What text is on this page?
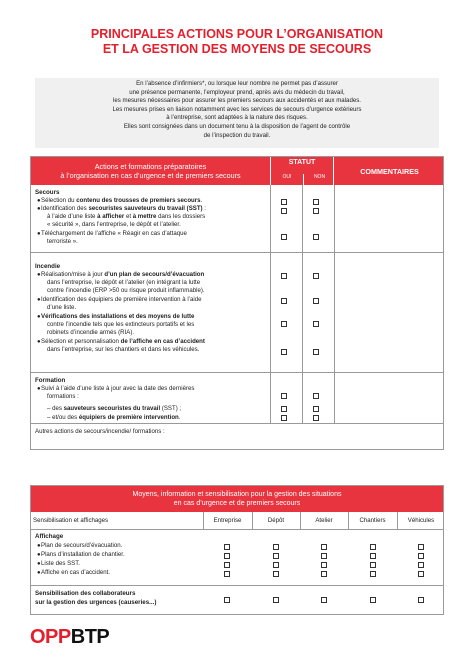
PRINCIPALES ACTIONS POUR L’ORGANISATION
ET LA GESTION DES MOYENS DE SECOURS
En l’absence d’infirmiers*, ou lorsque leur nombre ne permet pas d’assurer
une présence permanente, l’employeur prend, après avis du médecin du travail,
les mesures nécessaires pour assurer les premiers secours aux accidentés et aux malades.
Les mesures prises en liaison notamment avec les services de secours d’urgence extérieurs
à l’entreprise, sont adaptées à la nature des risques.
Elles sont consignées dans un document tenu à la disposition de l’agent de contrôle
de l’inspection du travail.
Actions et formations préparatoires
à l’organisation en cas d’urgence et de premiers secours
STATUT
OUI	NON
COMMENTAIRES
Secours
● Sélection du contenu des trousses de premiers secours.
● Identification des secouristes sauveteurs du travail (SST) :
à l’aide d’une liste à afficher et à mettre dans les dossiers
« sécurité », dans l’entreprise, le dépôt et l’atelier.
● Téléchargement de l’affiche « Réagir en cas d’attaque
terroriste ».
Incendie
● Réalisation/mise à jour d’un plan de secours/d’évacuation
dans l’entreprise, le dépôt et l’atelier (en intégrant la lutte
contre l’incendie (ERP >50 ou risque produit inflammable).
● Identification des équipiers de première intervention à l’aide
d’une liste.
● Vérifications des installations et des moyens de lutte
contre l’incendie tels que les extincteurs portatifs et les
robinets d’incendie armés (RIA).
● Sélection et personnalisation de l’affiche en cas d’accident
dans l’entreprise, sur les chantiers et dans les véhicules.
Formation
● Suivi à l’aide d’une liste à jour avec la date des dernières
formations :
– des sauveteurs secouristes du travail (SST) ;
– et/ou des équipiers de première intervention.
Autres actions de secours/incendie/ formations :
Moyens, information et sensibilisation pour la gestion des situations
en cas d’urgence et de premiers secours
Sensibilisation et affichages	Entreprise	Dépôt	Atelier	Chantiers	Véhicules
Affichage
● Plan de secours/d’évacuation.
● Plans d’installation de chantier.
● Liste des SST.
● Affiche en cas d’accident.
Sensibilisation des collaborateurs
sur la gestion des urgences (causeries...)
OPPBTP
